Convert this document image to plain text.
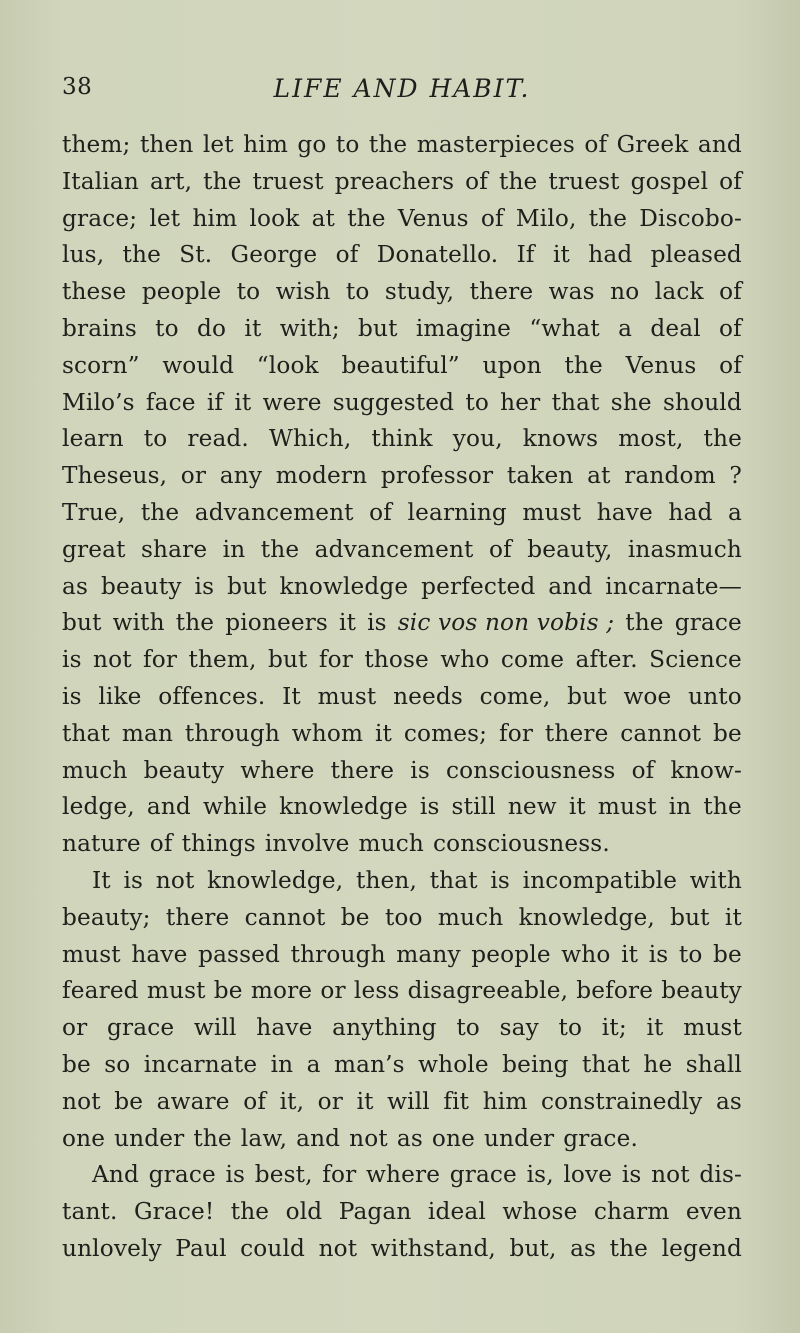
38	LIFE AND HABIT.
them; then let him go to the masterpieces of Greek and
Italian art, the truest preachers of the truest gospel of
grace; let him look at the Venus of Milo, the Discobo-
lus, the St. George of Donatello. If it had pleased
these people to wish to study, there was no lack of
brains to do it with; but imagine “what a deal of
scorn” would “look beautiful” upon the Venus of
Milo’s face if it were suggested to her that she should
learn to read. Which, think you, knows most, the
Theseus, or any modern professor taken at random ?
True, the advancement of learning must have had a
great share in the advancement of beauty, inasmuch
as beauty is but knowledge perfected and incarnate—
but with the pioneers it is sic vos non vobis ; the grace
is not for them, but for those who come after. Science
is like offences. It must needs come, but woe unto
that man through whom it comes; for there cannot be
much beauty where there is consciousness of know-
ledge, and while knowledge is still new it must in the
nature of things involve much consciousness.
It is not knowledge, then, that is incompatible with
beauty; there cannot be too much knowledge, but it
must have passed through many people who it is to be
feared must be more or less disagreeable, before beauty
or grace will have anything to say to it; it must
be so incarnate in a man’s whole being that he shall
not be aware of it, or it will fit him constrainedly as
one under the law, and not as one under grace.
And grace is best, for where grace is, love is not dis-
tant. Grace! the old Pagan ideal whose charm even
unlovely Paul could not withstand, but, as the legend
